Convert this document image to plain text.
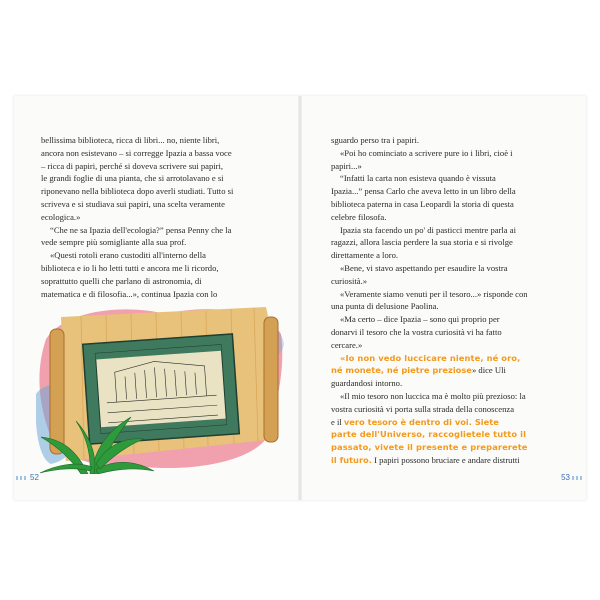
bellissima biblioteca, ricca di libri... no, niente libri,
ancora non esistevano – si corregge Ipazia a bassa voce
– ricca di papiri, perché si doveva scrivere sui papiri,
le grandi foglie di una pianta, che si arrotolavano e si
riponevano nella biblioteca dopo averli studiati. Tutto si
scriveva e si studiava sui papiri, una scelta veramente
ecologica.»
“Che ne sa Ipazia dell'ecologia?” pensa Penny che la
vede sempre più somigliante alla sua prof.
«Questi rotoli erano custoditi all'interno della
biblioteca e io li ho letti tutti e ancora me li ricordo,
soprattutto quelli che parlano di astronomia, di
matematica e di filosofia...», continua Ipazia con lo
52
sguardo perso tra i papiri.
«Poi ho cominciato a scrivere pure io i libri, cioè i
papiri...»
“Infatti la carta non esisteva quando è vissuta
Ipazia...” pensa Carlo che aveva letto in un libro della
biblioteca paterna in casa Leopardi la storia di questa
celebre filosofa.
Ipazia sta facendo un po' di pasticci mentre parla ai
ragazzi, allora lascia perdere la sua storia e si rivolge
direttamente a loro.
«Bene, vi stavo aspettando per esaudire la vostra
curiosità.»
«Veramente siamo venuti per il tesoro...» risponde con
una punta di delusione Paolina.
«Ma certo – dice Ipazia – sono qui proprio per
donarvi il tesoro che la vostra curiosità vi ha fatto
cercare.»
«Io non vedo luccicare niente, né oro,
né monete, né pietre preziose» dice Uli
guardandosi intorno.
«Il mio tesoro non luccica ma è molto più prezioso: la
vostra curiosità vi porta sulla strada della conoscenza
e il vero tesoro è dentro di voi. Siete
parte dell'Universo, raccoglietele tutto il
passato, vivete il presente e preparerete
il futuro. I papiri possono bruciare e andare distrutti
53
